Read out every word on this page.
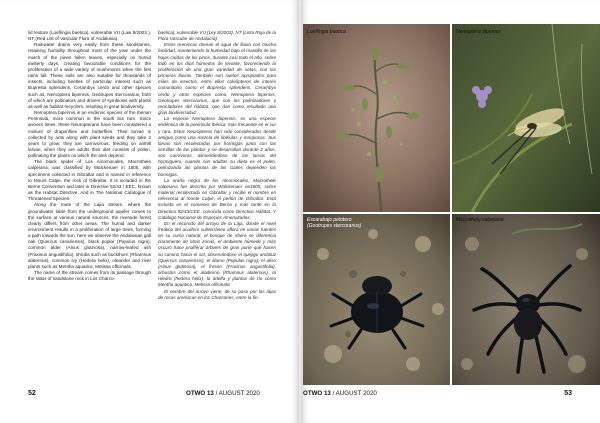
lid texture (Loeflingia baetica), vulnerable VU (Law 8/2003 ), NT (Red List of Vascular Flora of Andalusia).

Rainwater drains very easily from these sandstones, retaining humidity throughout most of the year under the mulch of the pines fallen leaves, especially on humid easterly days, creating favourable conditions for the proliferation of a wide variety of mushrooms when the first rains fall. These soils are also suitable for thousands of insects, including beetles of particular interest such as Bupresta splendens, Cerambyx cerdo and other species such as, Nemoptera bipennis, Geotrupes stercorarius, both of which are pollinators and drivers of symbiosis with plants as well as habitat recyclers, resulting in great biodiversity.

Nemoptera bipennis is an endemic species of the Iberian Peninsula, more common in the south but rare. Since ancient times, these Neuropterans have been considered a mixture of dragonflies and butterflies. Their larvae is collected by ants along with plant seeds and they take 2 years to grow; they are carnivorous, feeding on anthill larvae, when they are adults their diet consists of pollen, pollinating the plants on which the ants depend.

The black spider of Los Alcornocales, Macrothele calpeiana, was classified by Walckenaer in 1805, with specimens collected in Gibraltar and is named in reference to Mount Calpe, the rock of Gibraltar. It is included in the Berne Convention and later in Directive 92/43 / EEC, known as the Habitat Directive, And in The National Catalogue of Threatened Species.

Along the route of the Lajia stream, where the groundwater table from the underground aquifer comes to the surface at various natural sources, the riverside forest clearly differs from other areas. The humid and darker environment results in a proliferation of large trees, forming a path towards the sun, here we observe the Andalusian gall oak (Quercus canariensis), black poplar (Populus nigra), common alder (Alnus glutinosa), narrow-leafed ash (Fraxinus angustifolia), shrubs such as buckthorn (Rhamnus alaternus), common ivy (Hedera helix), oleander and river plants such as Mentha aquatica, Melissa officinalis.

The name of the stream comes from its passage through the slabs of sandstone rock in Los Charco-

baetica), vulnerable VU (Ley 8/2003), NT (Lista Roja de la Flora Vascular de Andalucía)

Estos areniscas drenan el agua de lluvia con mucha facilidad, manteniendo la humedad bajo el mantillo de las hojas caídas de los pinos, durante casi todo el año, sobre todo en los días húmedos de levante, favoreciendo la proliferación de una gran variedad de setas, con las primeras lluvias. También son suelos apropiados para miles de insectos, entre ellos coleópteros de interés comunitario como el Bupresta splendens, Cerambyx cerdo y otras especies como, Nemoptera bipennis, Geotrupes stercorarius, que son los polinizadores y recicladores del hábitat, que dan como resultado una gran biodiversidad.

La especie Nemoptera bipennis, es una especie endémica de la península Ibérica, más frecuente en el sur y rara. Estos Neurópteros han sido considerados desde antiguo como una mezcla de libélulas y mariposas. Sus larvas son recolectadas por hormigas junto con las semillas de las plantas y se desarrollan durante 2 años, son carnívoras, alimentándose de las larvas del hormiguero, cuando son adultas su dieta es el polen, polinizando las plantas de las cuales dependen las hormigas.

La araña negra de los Alcornocales, Macrothele calpeiana fue descrita por Walckenaer en1805, sobre material recolectado en Gibraltar y recibe el nombre en referencia al monte Calpe, el peñón de Gibraltar. Está incluida en el convenio de Berna y más tarde en la Directiva 92/43/CEE, conocida como Directiva Hábitat, Y Catálogo Nacional de Especies Amenazadas.

En el recorrido del arroyo de la Laja, donde el nivel freático del acuífero subterráneo aflora en varias fuentes en su curso natural, el bosque de ribera se diferencia claramente de otras zonas, el ambiente húmedo y más oscuro hace proliferar árboles de gran porte que hacen su camino hacia el sol, observándose el quejigo andaluz (Quercus canariensis), el álamo (Populus nigra), el aliso (Alnus glutinosa), el fresno (Fraxinus angustifolia), arbustos como el aladierno (Rhamnus alaternus), la Hiedra (hedera helix), la adelfa y plantas de río como Mentha aquatica, Melissa officinalis

El nombre del arroyo viene, de su paso por las lajas de rocas areniscas en los Charcones, entre la fin-

52	OTWO 13 / AUGUST 2020
Loeflingia baetica	Nemoptera bipennis
Escarabajo pelotero (Geotrupes stercorarius)
Macrothele calpeiana
OTWO 13 / AUGUST 2020	53
